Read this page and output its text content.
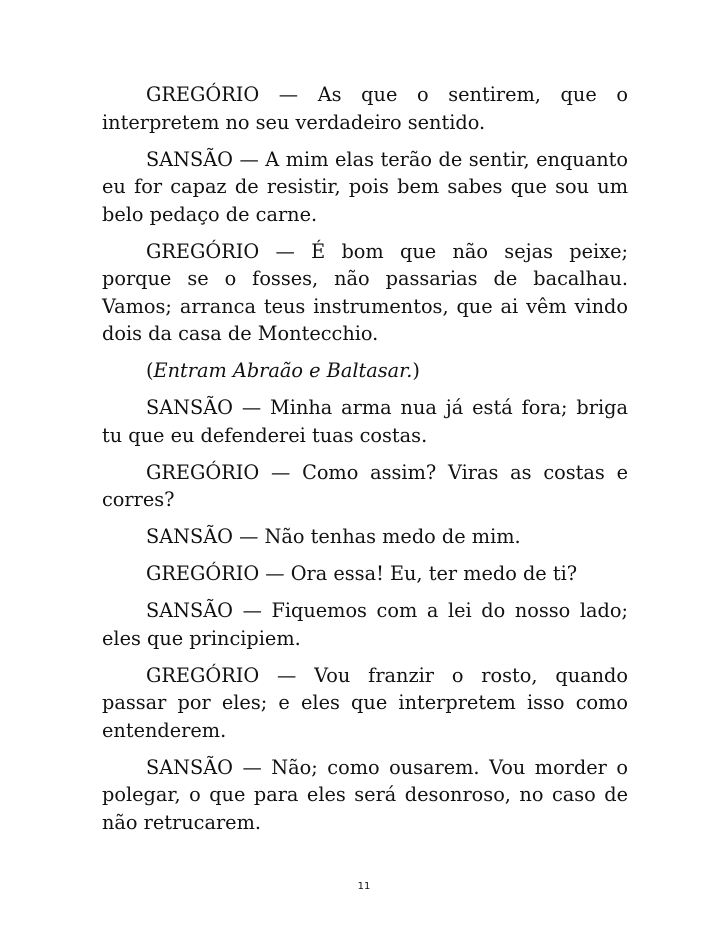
GREGÓRIO — As que o sentirem, que o interpretem no seu verdadeiro sentido.

SANSÃO — A mim elas terão de sentir, enquanto eu for capaz de resistir, pois bem sabes que sou um belo pedaço de carne.

GREGÓRIO — É bom que não sejas peixe; porque se o fosses, não passarias de bacalhau. Vamos; arranca teus instrumentos, que ai vêm vindo dois da casa de Montecchio.

(Entram Abraão e Baltasar.)

SANSÃO — Minha arma nua já está fora; briga tu que eu defenderei tuas costas.

GREGÓRIO — Como assim? Viras as costas e corres?

SANSÃO — Não tenhas medo de mim.

GREGÓRIO — Ora essa! Eu, ter medo de ti?

SANSÃO — Fiquemos com a lei do nosso lado; eles que principiem.

GREGÓRIO — Vou franzir o rosto, quando passar por eles; e eles que interpretem isso como entenderem.

SANSÃO — Não; como ousarem. Vou morder o polegar, o que para eles será desonroso, no caso de não retrucarem.

11
